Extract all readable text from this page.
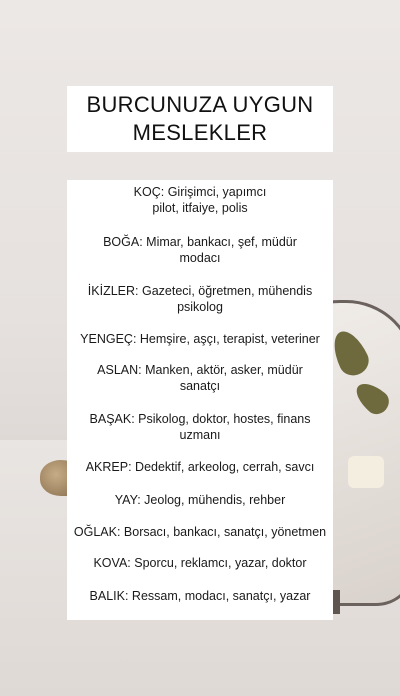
BURCUNUZA UYGUN
MESLEKLER
KOÇ: Girişimci, yapımcı
pilot, itfaiye, polis
BOĞA: Mimar, bankacı, şef, müdür
modacı
İKİZLER: Gazeteci, öğretmen, mühendis
psikolog
YENGEÇ: Hemşire, aşçı, terapist, veteriner
ASLAN: Manken, aktör, asker, müdür
sanatçı
BAŞAK: Psikolog, doktor, hostes, finans
uzmanı
AKREP: Dedektif, arkeolog, cerrah, savcı
YAY: Jeolog, mühendis, rehber
OĞLAK: Borsacı, bankacı, sanatçı, yönetmen
KOVA: Sporcu, reklamcı, yazar, doktor
BALIK: Ressam, modacı, sanatçı, yazar
